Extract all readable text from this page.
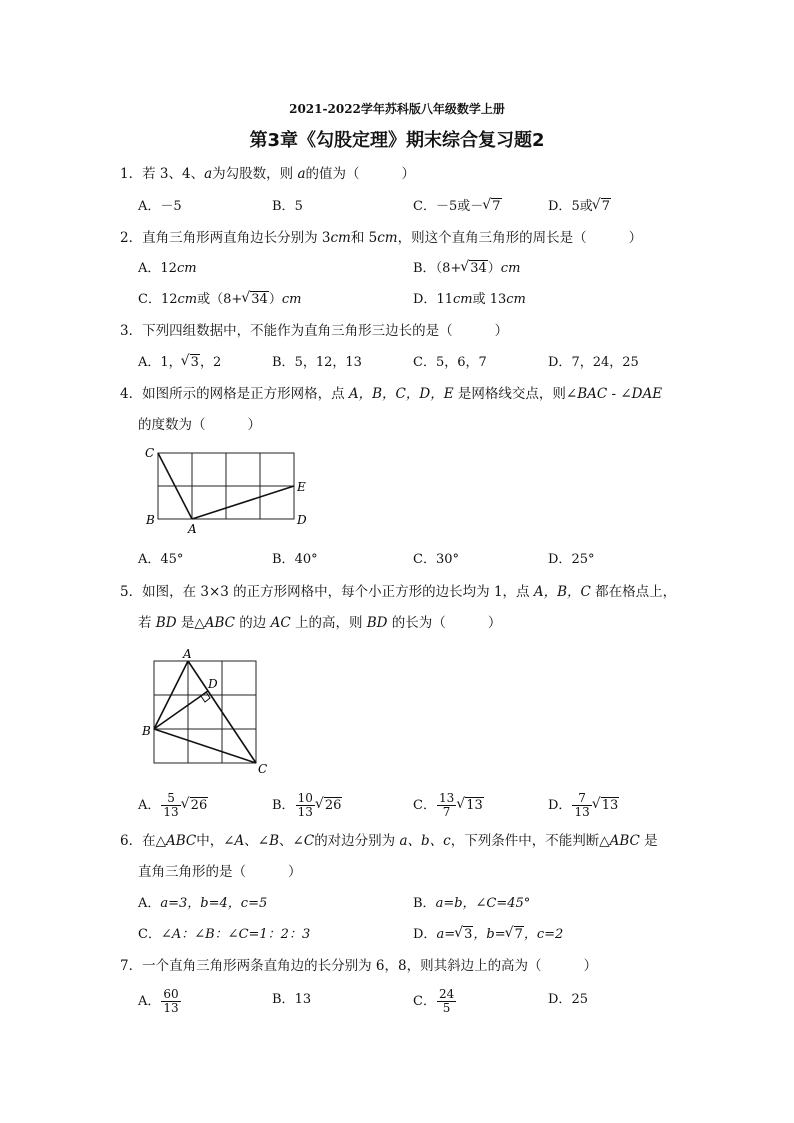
2021-2022学年苏科版八年级数学上册
第3章《勾股定理》期末综合复习题2
1．若 3、4、a为勾股数，则 a的值为（	）
A．－5	B．5	C．－5或－ √ 7	D．5或 √ 7
2．直角三角形两直角边长分别为 3cm和 5cm，则这个直角三角形的周长是（	）
A．12cm	B．（8+ √ 34）cm
C．12cm或（8+ √ 34）cm	D．11cm或 13cm
3．下列四组数据中，不能作为直角三角形三边长的是（	）
A．1， √ 3，2	B．5，12，13	C．5，6，7	D．7，24，25
4．如图所示的网格是正方形网格，点 A，B，C，D，E 是网格线交点，则∠BAC - ∠DAE
的度数为（	）
C
B
A
D
E
A．45°	B．40°	C．30°	D．25°
5．如图，在 3×3 的正方形网格中，每个小正方形的边长均为 1，点 A，B，C 都在格点上，
若 BD 是△ABC 的边 AC 上的高，则 BD 的长为（	）
A
B
C
D
A． $\frac{5}{13}$ √ 26	B． $\frac{10}{13}$ √ 26	C． $\frac{13}{7}$ √ 13	D． $\frac{7}{13}$ √ 13
6．在△ABC中，∠A、∠B、∠C的对边分别为 a、b、c，下列条件中，不能判断△ABC 是
直角三角形的是（	）
A．a=3，b=4，c=5	B．a=b，∠C=45°
C．∠A：∠B：∠C=1：2：3	D．a= √ 3，b= √ 7，c=2
7．一个直角三角形两条直角边的长分别为 6，8，则其斜边上的高为（	）
A． $\frac{60}{13}$	B．13	C． $\frac{24}{5}$	D．25
